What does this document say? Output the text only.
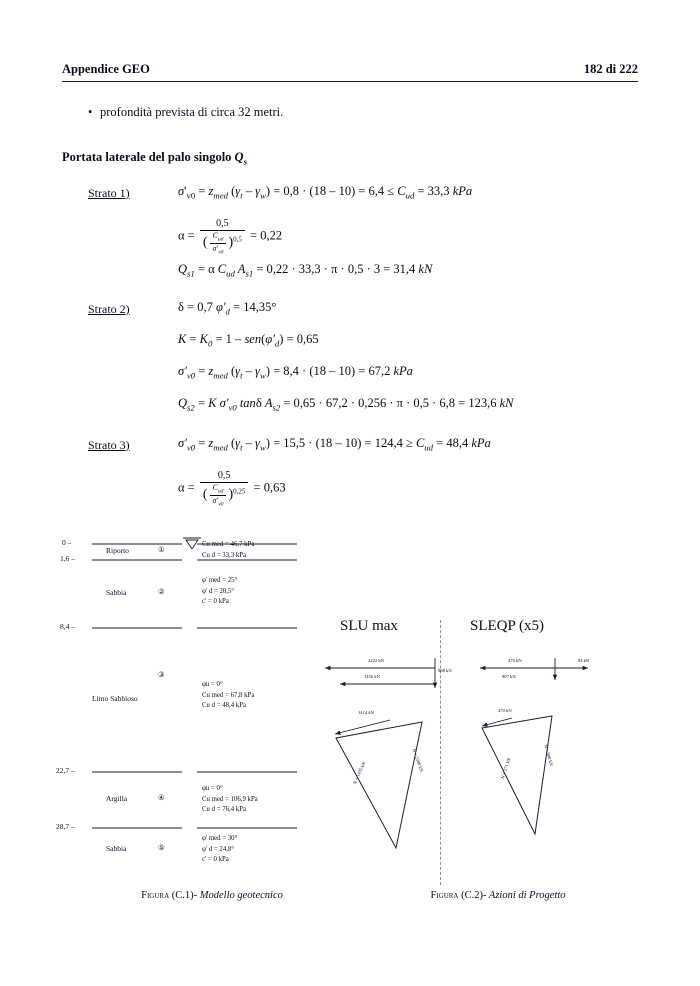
Appendice GEO	182 di 222
• profondità prevista di circa 32 metri.
Portata laterale del palo singolo $Q_s$
Strato 1)	$\sigma'_{v0} = z_{med}$ $(\gamma_t - \gamma_w) = 0,8 \cdot (18 - 10) = 6,4 \le C_{ud} = 33,3$ kPa
$\alpha = \frac{0,5}{( \frac{C_{ud}}{\sigma'_{v0}} )^{0,5}} = 0,22$
$Q_{s1} = \alpha$ $C_{ud}$ $A_{s1} = 0,22 \cdot 33,3 \cdot \pi \cdot 0,5 \cdot 3 = 31,4$ kN
Strato 2)	δ = 0,7 $\varphi'_d = 14,35^\circ$
$K = K_0 = 1 - sen(\varphi'_d) = 0,65$
$\sigma'_{v0} = z_{med}$ $(\gamma_t - \gamma_w) = 8,4 \cdot (18 - 10) = 67,2$ kPa
$Q_{s2} = K$ $\sigma'_{v0}$ tanδ $A_{s2} = 0,65 \cdot 67,2 \cdot 0,256 \cdot \pi \cdot 0,5 \cdot 6,8 = 123,6$ kN
Strato 3)	$\sigma'_{v0} = z_{med}$ $(\gamma_t - \gamma_w) = 15,5 \cdot (18 - 10) = 124,4 \ge C_{ud} = 48,4$ kPa
$\alpha = \frac{0,5}{( \frac{C_{ud}}{\sigma'_{v0}} )^{0,25}} = 0,63$
0 –
1,6 –
8,4 –
22,7 –
28,7 –
Riporto	①
Sabbia	②
Limo Sabbioso
③
Argilla	④
Sabbia	⑤
Cu med = 46,7 kPa
Cu d = 33,3 kPa
φ' med = 25°
φ' d = 20,5°
c' = 0 kPa
φu = 0°
Cu med = 67,8 kPa
Cu d = 48,4 kPa
φu = 0°
Cu med = 106,9 kPa
Cu d = 76,4 kPa
φ' med = 30°
φ' d = 24,8°
c' = 0 kPa
Figura (C.1)- Modello geotecnico
SLU max	SLEQP (x5)
2222 kN
1456 kN
868 kN
1414 kN
N = 1435 kN
N = 2288 kN
470 kN
807 kN
84 kN
470 kN
N = 271 kN
N = 800 kN
Figura (C.2)- Azioni di Progetto
